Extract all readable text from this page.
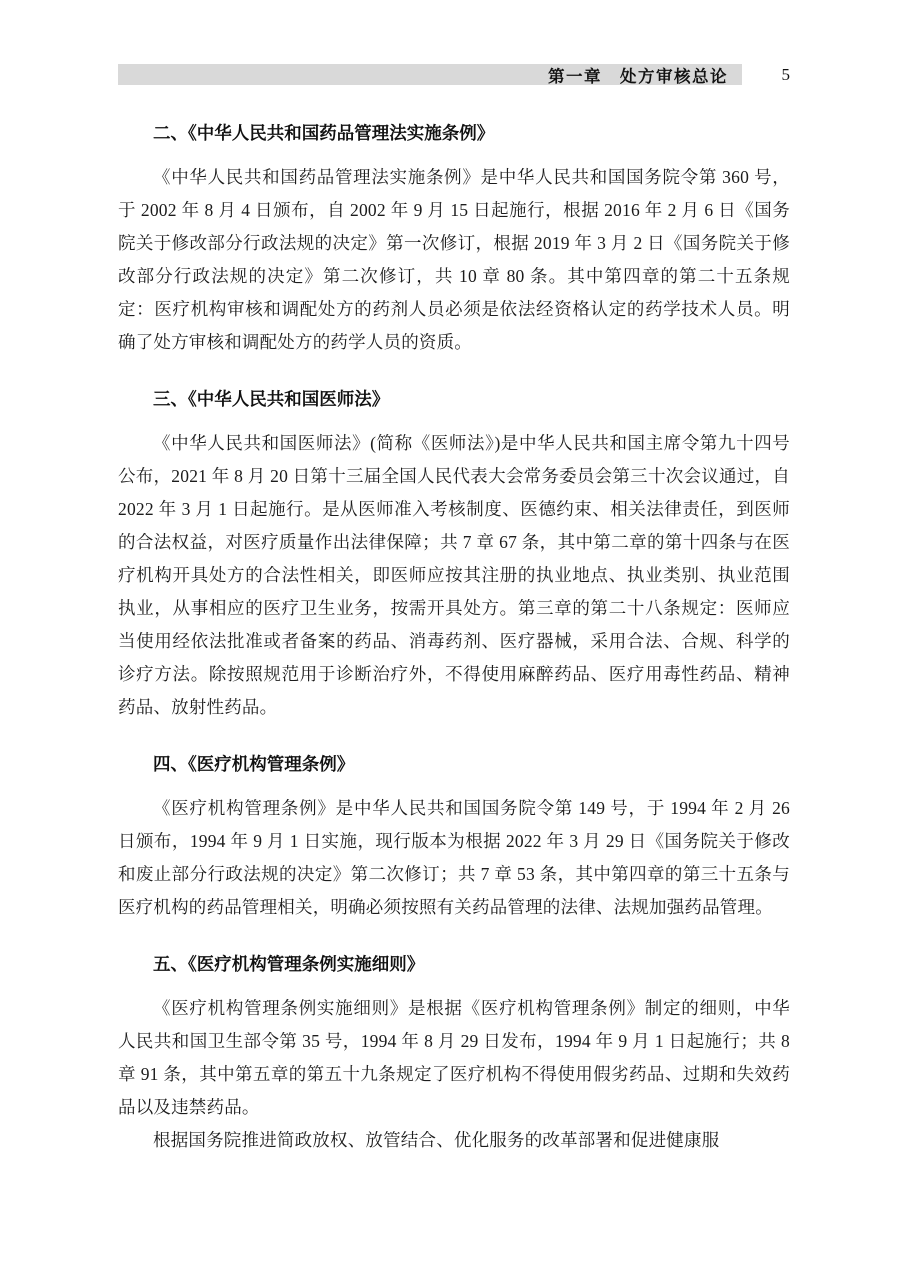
第一章　处方审核总论	5
二、《中华人民共和国药品管理法实施条例》

《中华人民共和国药品管理法实施条例》是中华人民共和国国务院令第 360 号，于 2002 年 8 月 4 日颁布，自 2002 年 9 月 15 日起施行，根据 2016 年 2 月 6 日《国务院关于修改部分行政法规的决定》第一次修订，根据 2019 年 3 月 2 日《国务院关于修改部分行政法规的决定》第二次修订，共 10 章 80 条。其中第四章的第二十五条规定：医疗机构审核和调配处方的药剂人员必须是依法经资格认定的药学技术人员。明确了处方审核和调配处方的药学人员的资质。

三、《中华人民共和国医师法》

《中华人民共和国医师法》(简称《医师法》)是中华人民共和国主席令第九十四号公布，2021 年 8 月 20 日第十三届全国人民代表大会常务委员会第三十次会议通过，自 2022 年 3 月 1 日起施行。是从医师准入考核制度、医德约束、相关法律责任，到医师的合法权益，对医疗质量作出法律保障；共 7 章 67 条，其中第二章的第十四条与在医疗机构开具处方的合法性相关，即医师应按其注册的执业地点、执业类别、执业范围执业，从事相应的医疗卫生业务，按需开具处方。第三章的第二十八条规定：医师应当使用经依法批准或者备案的药品、消毒药剂、医疗器械，采用合法、合规、科学的诊疗方法。除按照规范用于诊断治疗外，不得使用麻醉药品、医疗用毒性药品、精神药品、放射性药品。

四、《医疗机构管理条例》

《医疗机构管理条例》是中华人民共和国国务院令第 149 号，于 1994 年 2 月 26 日颁布，1994 年 9 月 1 日实施，现行版本为根据 2022 年 3 月 29 日《国务院关于修改和废止部分行政法规的决定》第二次修订；共 7 章 53 条，其中第四章的第三十五条与医疗机构的药品管理相关，明确必须按照有关药品管理的法律、法规加强药品管理。

五、《医疗机构管理条例实施细则》

《医疗机构管理条例实施细则》是根据《医疗机构管理条例》制定的细则，中华人民共和国卫生部令第 35 号，1994 年 8 月 29 日发布，1994 年 9 月 1 日起施行；共 8 章 91 条，其中第五章的第五十九条规定了医疗机构不得使用假劣药品、过期和失效药品以及违禁药品。

根据国务院推进简政放权、放管结合、优化服务的改革部署和促进健康服
